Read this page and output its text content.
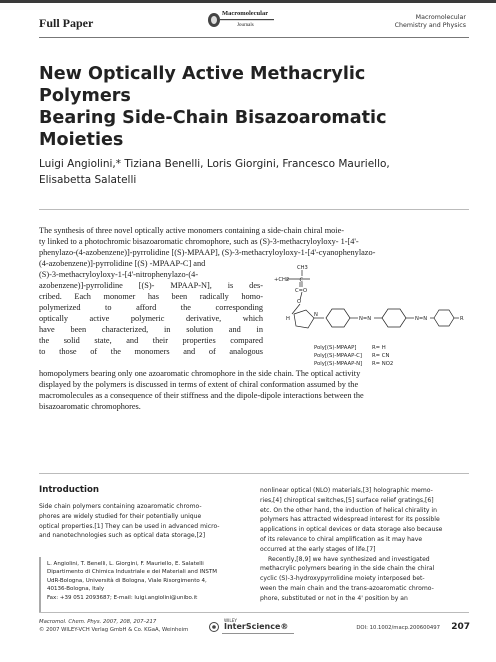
Full Paper
Macromolecular
Journals
Macromolecular
Chemistry and Physics
New Optically Active Methacrylic Polymers
Bearing Side-Chain Bisazoaromatic
Moieties
Luigi Angiolini,* Tiziana Benelli, Loris Giorgini, Francesco Mauriello,
Elisabetta Salatelli
The synthesis of three novel optically active monomers containing a side-chain chiral moie-
ty linked to a photochromic bisazoaromatic chromophore, such as (S)-3-methacryloyloxy- 1-[4'-
phenylazo-(4-azobenzene)]-pyrrolidine [(S)-MPAAP], (S)-3-methacryloyloxy-1-[4'-cyanophenylazo-
(4-azobenzene)]-pyrrolidine [(S) -MPAAP-C] and
(S)-3-methacryloyloxy-1-[4'-nitrophenylazo-(4-
azobenzene)]-pyrrolidine [(S)- MPAAP-N], is des-
cribed. Each monomer has been radically homo-
polymerized to afford the corresponding
optically active polymeric derivative, which
have been characterized, in solution and in
the solid state, and their properties compared
to those of the monomers and of analogous
homopolymers bearing only one azoaromatic chromophore in the side chain. The optical activity
displayed by the polymers is discussed in terms of extent of chiral conformation assumed by the
macromolecules as a consequence of their stiffness and the dipole-dipole interactions between the
bisazoaromatic chromophores.
CH3
+CH2 C
C=O
O
H
N
N=N	N=N	R
Poly[(S)-MPAAP]	R= H
Poly[(S)-MPAAP-C] R= CN
Poly[(S)-MPAAP-N] R= NO2
Introduction
Side chain polymers containing azoaromatic chromo-
phores are widely studied for their potentially unique
optical properties.[1] They can be used in advanced micro-
and nanotechnologies such as optical data storage,[2]
L. Angiolini, T. Benelli, L. Giorgini, F. Mauriello, E. Salatelli
Dipartimento di Chimica Industriale e dei Materiali and INSTM
UdR-Bologna, Università di Bologna, Viale Risorgimento 4,
40136-Bologna, Italy
Fax: +39 051 2093687; E-mail: luigi.angiolini@unibo.it
nonlinear optical (NLO) materials,[3] holographic memo-
ries,[4] chiroptical switches,[5] surface relief gratings,[6]
etc. On the other hand, the induction of helical chirality in
polymers has attracted widespread interest for its possible
applications in optical devices or data storage also because
of its relevance to chiral amplification as it may have
occurred at the early stages of life.[7]
Recently,[8,9] we have synthesized and investigated
methacrylic polymers bearing in the side chain the chiral
cyclic (S)-3-hydroxypyrrolidine moiety interposed bet-
ween the main chain and the trans-azoaromatic chromo-
phore, substituted or not in the 4' position by an
Macromol. Chem. Phys. 2007, 208, 207–217
© 2007 WILEY-VCH Verlag GmbH & Co. KGaA, Weinheim
WILEY
InterScience®	DOI: 10.1002/macp.200600497 207
